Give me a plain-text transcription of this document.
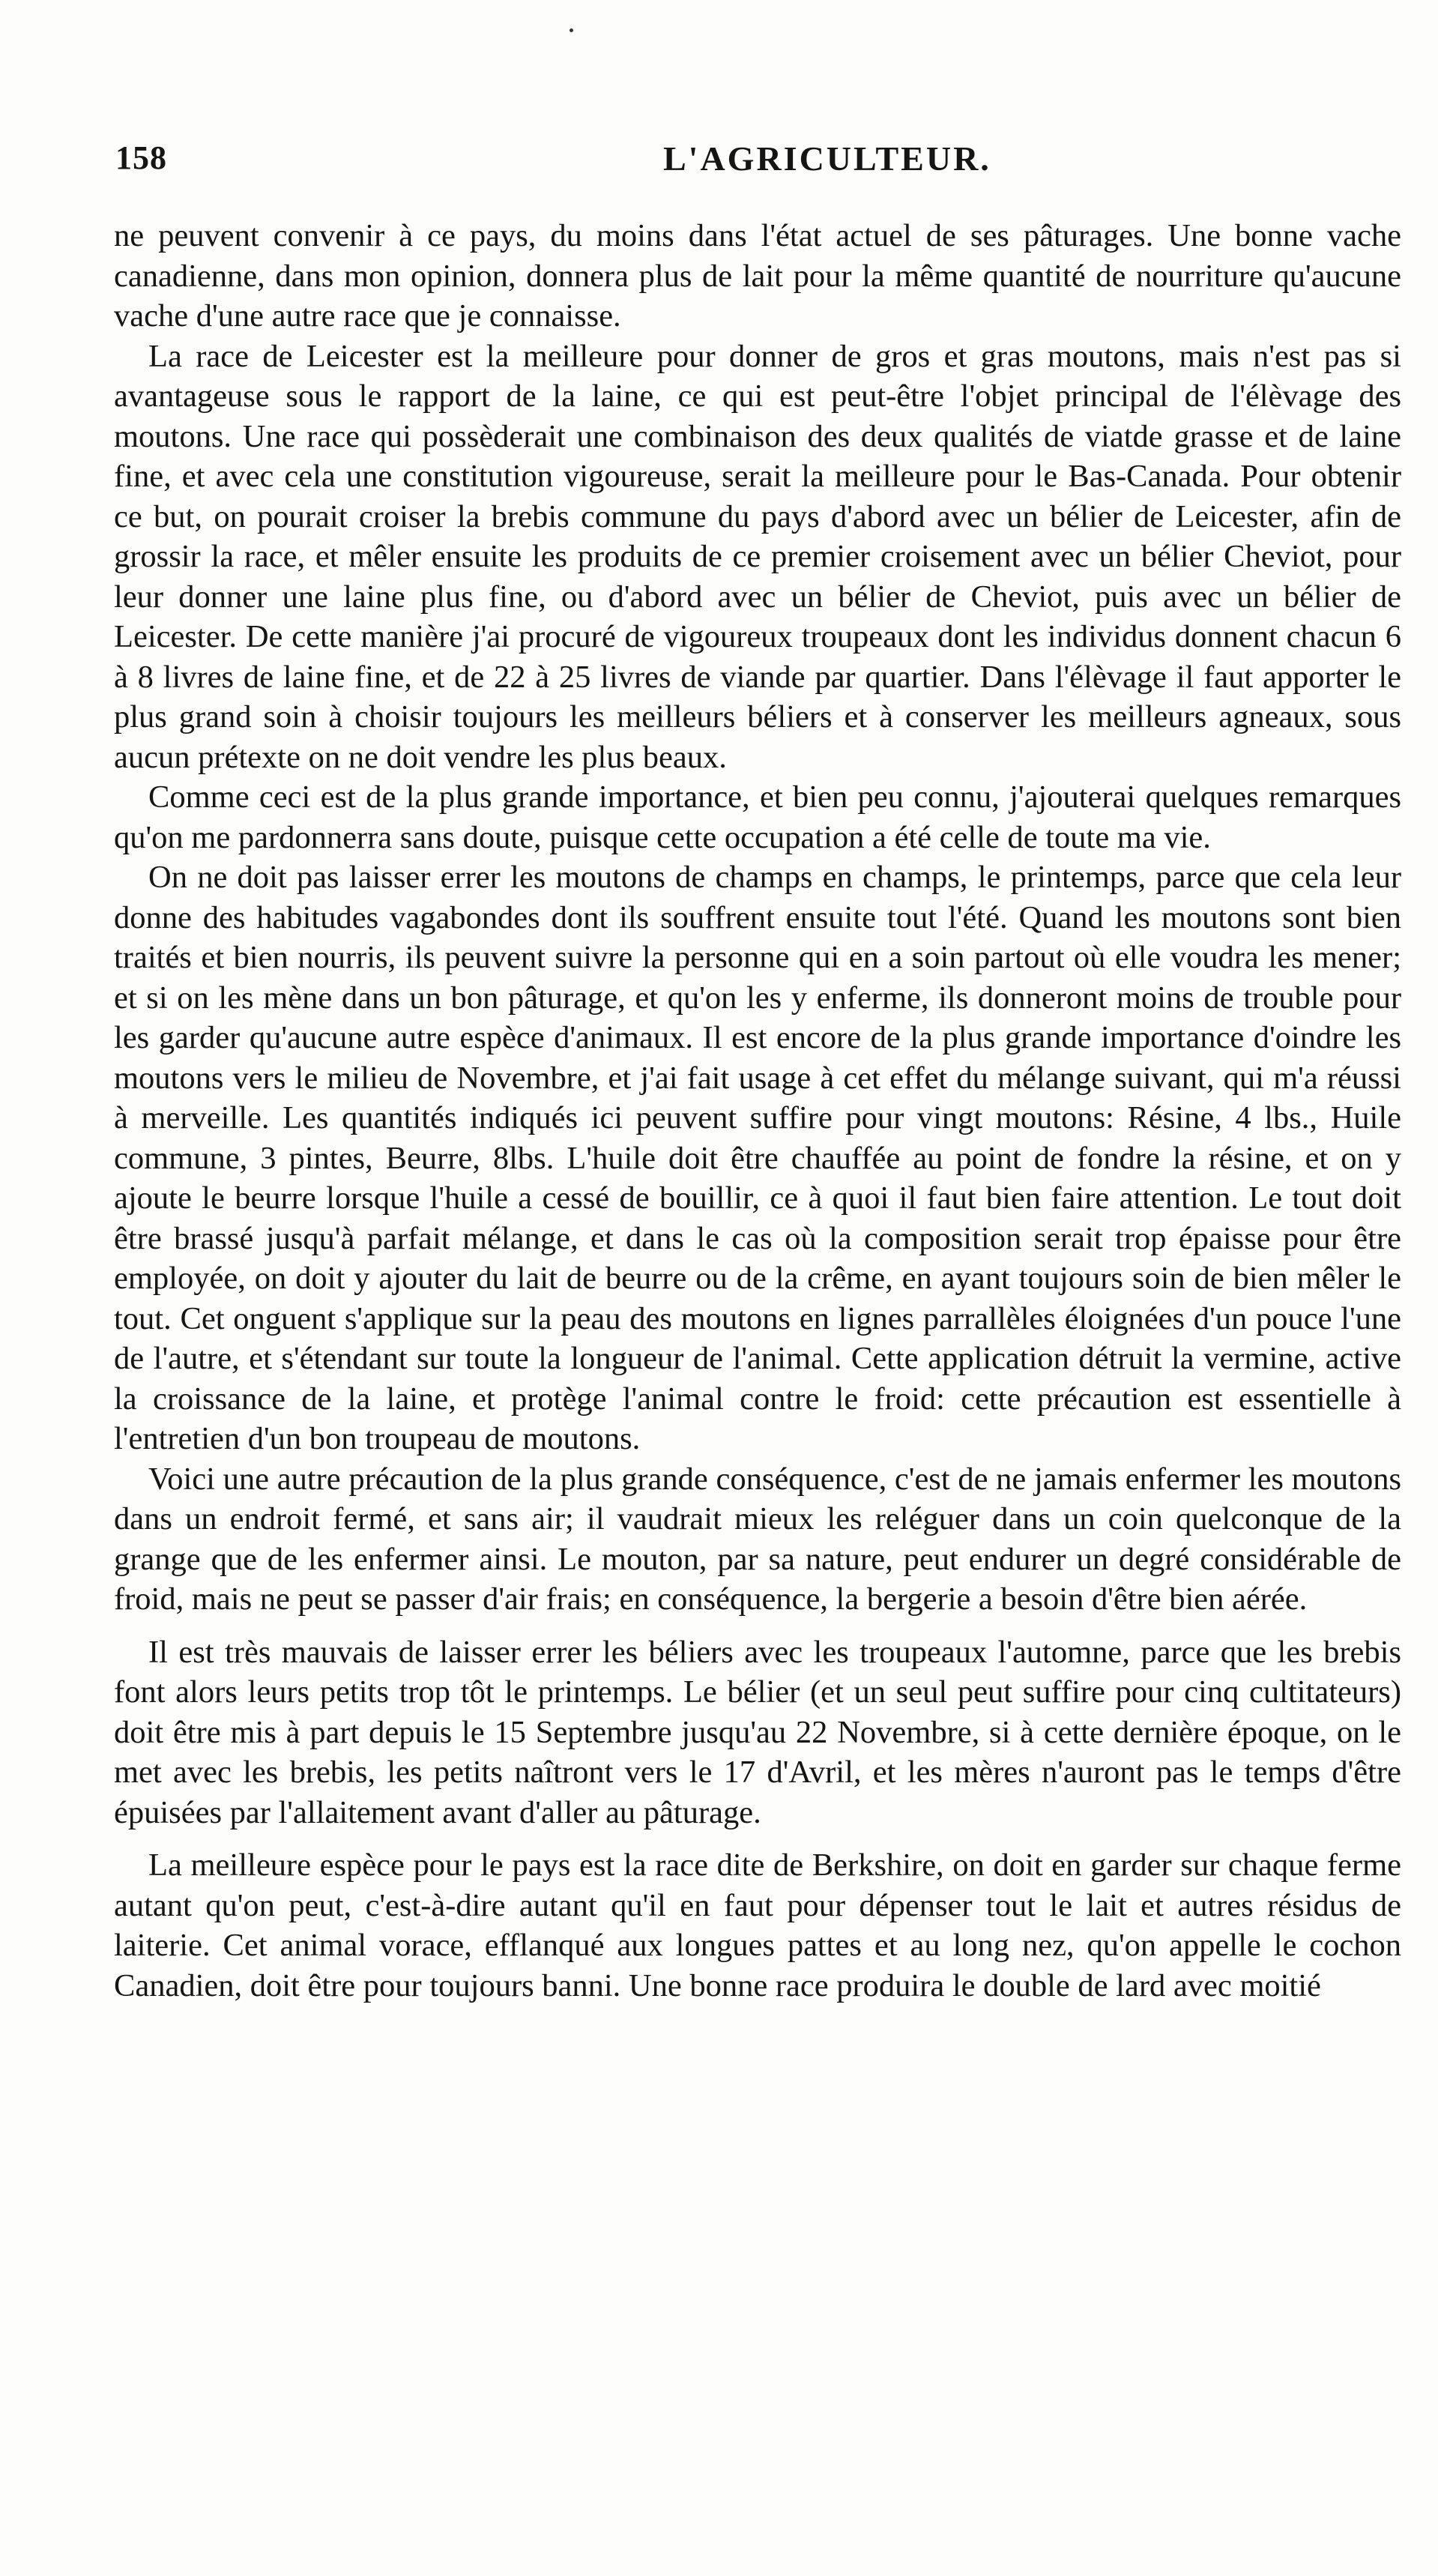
158	L'AGRICULTEUR.

ne peuvent convenir à ce pays, du moins dans l'état actuel de ses pâturages. Une bonne vache canadienne, dans mon opinion, donnera plus de lait pour la même quantité de nourriture qu'aucune vache d'une autre race que je connaisse.

La race de Leicester est la meilleure pour donner de gros et gras moutons, mais n'est pas si avantageuse sous le rapport de la laine, ce qui est peut-être l'objet principal de l'élèvage des moutons. Une race qui possèderait une combinaison des deux qualités de viatde grasse et de laine fine, et avec cela une constitution vigoureuse, serait la meilleure pour le Bas-Canada. Pour obtenir ce but, on pourait croiser la brebis commune du pays d'abord avec un bélier de Leicester, afin de grossir la race, et mêler ensuite les produits de ce premier croisement avec un bélier Cheviot, pour leur donner une laine plus fine, ou d'abord avec un bélier de Cheviot, puis avec un bélier de Leicester. De cette manière j'ai procuré de vigoureux troupeaux dont les individus donnent chacun 6 à 8 livres de laine fine, et de 22 à 25 livres de viande par quartier. Dans l'élèvage il faut apporter le plus grand soin à choisir toujours les meilleurs béliers et à conserver les meilleurs agneaux, sous aucun prétexte on ne doit vendre les plus beaux.

Comme ceci est de la plus grande importance, et bien peu connu, j'ajouterai quelques remarques qu'on me pardonnerra sans doute, puisque cette occupation a été celle de toute ma vie.

On ne doit pas laisser errer les moutons de champs en champs, le printemps, parce que cela leur donne des habitudes vagabondes dont ils souffrent ensuite tout l'été. Quand les moutons sont bien traités et bien nourris, ils peuvent suivre la personne qui en a soin partout où elle voudra les mener; et si on les mène dans un bon pâturage, et qu'on les y enferme, ils donneront moins de trouble pour les garder qu'aucune autre espèce d'animaux. Il est encore de la plus grande importance d'oindre les moutons vers le milieu de Novembre, et j'ai fait usage à cet effet du mélange suivant, qui m'a réussi à merveille. Les quantités indiqués ici peuvent suffire pour vingt moutons: Résine, 4 lbs., Huile commune, 3 pintes, Beurre, 8lbs. L'huile doit être chauffée au point de fondre la résine, et on y ajoute le beurre lorsque l'huile a cessé de bouillir, ce à quoi il faut bien faire attention. Le tout doit être brassé jusqu'à parfait mélange, et dans le cas où la composition serait trop épaisse pour être employée, on doit y ajouter du lait de beurre ou de la crême, en ayant toujours soin de bien mêler le tout. Cet onguent s'applique sur la peau des moutons en lignes parrallèles éloignées d'un pouce l'une de l'autre, et s'étendant sur toute la longueur de l'animal. Cette application détruit la vermine, active la croissance de la laine, et protège l'animal contre le froid: cette précaution est essentielle à l'entretien d'un bon troupeau de moutons.

Voici une autre précaution de la plus grande conséquence, c'est de ne jamais enfermer les moutons dans un endroit fermé, et sans air; il vaudrait mieux les reléguer dans un coin quelconque de la grange que de les enfermer ainsi. Le mouton, par sa nature, peut endurer un degré considérable de froid, mais ne peut se passer d'air frais; en conséquence, la bergerie a besoin d'être bien aérée.

Il est très mauvais de laisser errer les béliers avec les troupeaux l'automne, parce que les brebis font alors leurs petits trop tôt le printemps. Le bélier (et un seul peut suffire pour cinq cultitateurs) doit être mis à part depuis le 15 Septembre jusqu'au 22 Novembre, si à cette dernière époque, on le met avec les brebis, les petits naîtront vers le 17 d'Avril, et les mères n'auront pas le temps d'être épuisées par l'allaitement avant d'aller au pâturage.

La meilleure espèce pour le pays est la race dite de Berkshire, on doit en garder sur chaque ferme autant qu'on peut, c'est-à-dire autant qu'il en faut pour dépenser tout le lait et autres résidus de laiterie. Cet animal vorace, efflanqué aux longues pattes et au long nez, qu'on appelle le cochon Canadien, doit être pour toujours banni. Une bonne race produira le double de lard avec moitié
